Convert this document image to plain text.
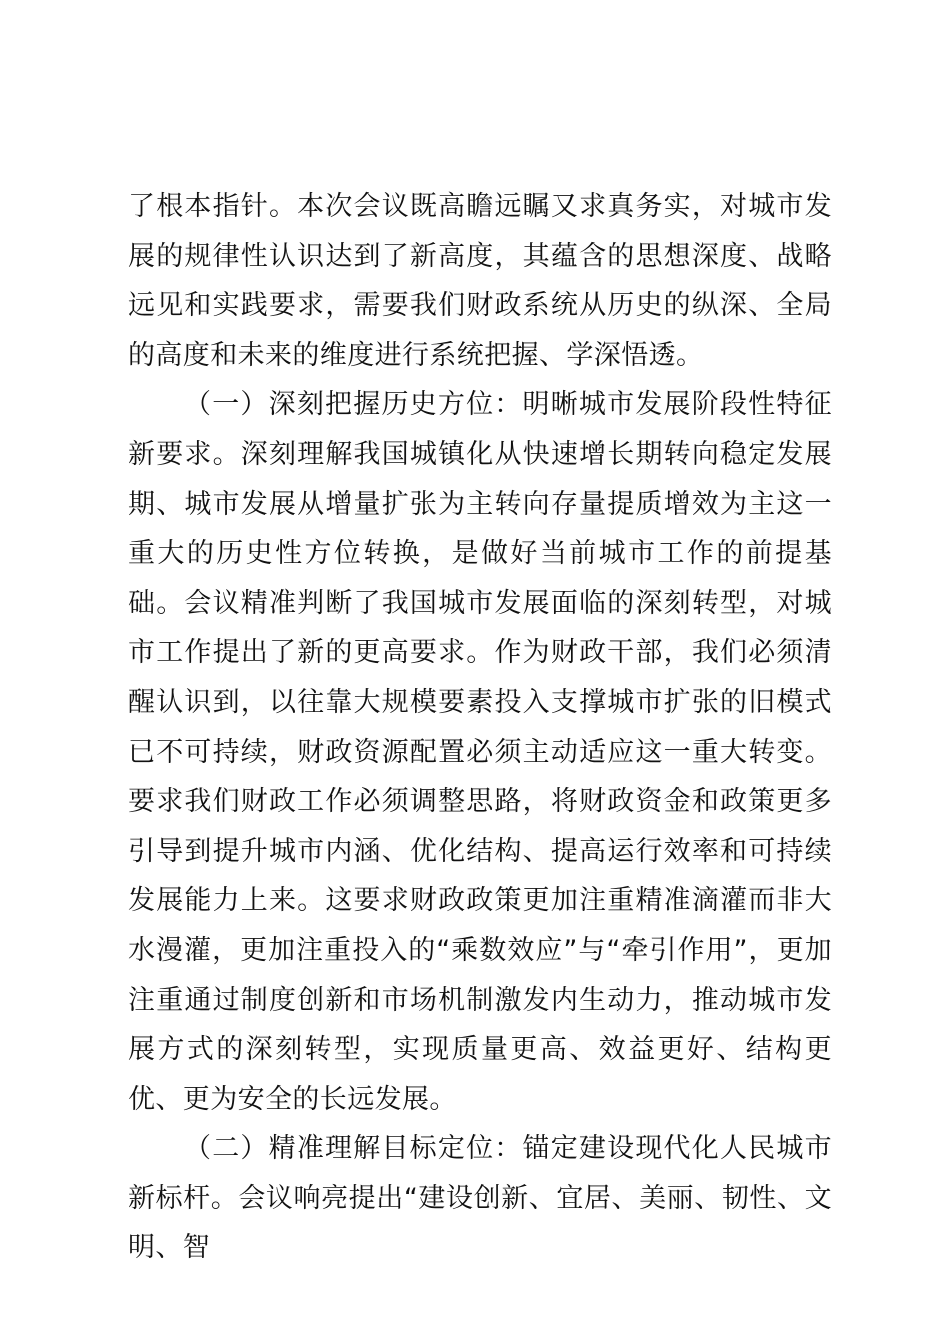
了根本指针。本次会议既高瞻远瞩又求真务实，对城市发展的规律性认识达到了新高度，其蕴含的思想深度、战略远见和实践要求，需要我们财政系统从历史的纵深、全局的高度和未来的维度进行系统把握、学深悟透。

（一）深刻把握历史方位：明晰城市发展阶段性特征新要求。深刻理解我国城镇化从快速增长期转向稳定发展期、城市发展从增量扩张为主转向存量提质增效为主这一重大的历史性方位转换，是做好当前城市工作的前提基础。会议精准判断了我国城市发展面临的深刻转型，对城市工作提出了新的更高要求。作为财政干部，我们必须清醒认识到，以往靠大规模要素投入支撑城市扩张的旧模式已不可持续，财政资源配置必须主动适应这一重大转变。要求我们财政工作必须调整思路，将财政资金和政策更多引导到提升城市内涵、优化结构、提高运行效率和可持续发展能力上来。这要求财政政策更加注重精准滴灌而非大水漫灌，更加注重投入的“乘数效应”与“牵引作用”，更加注重通过制度创新和市场机制激发内生动力，推动城市发展方式的深刻转型，实现质量更高、效益更好、结构更优、更为安全的长远发展。

（二）精准理解目标定位：锚定建设现代化人民城市新标杆。会议响亮提出“建设创新、宜居、美丽、韧性、文明、智
